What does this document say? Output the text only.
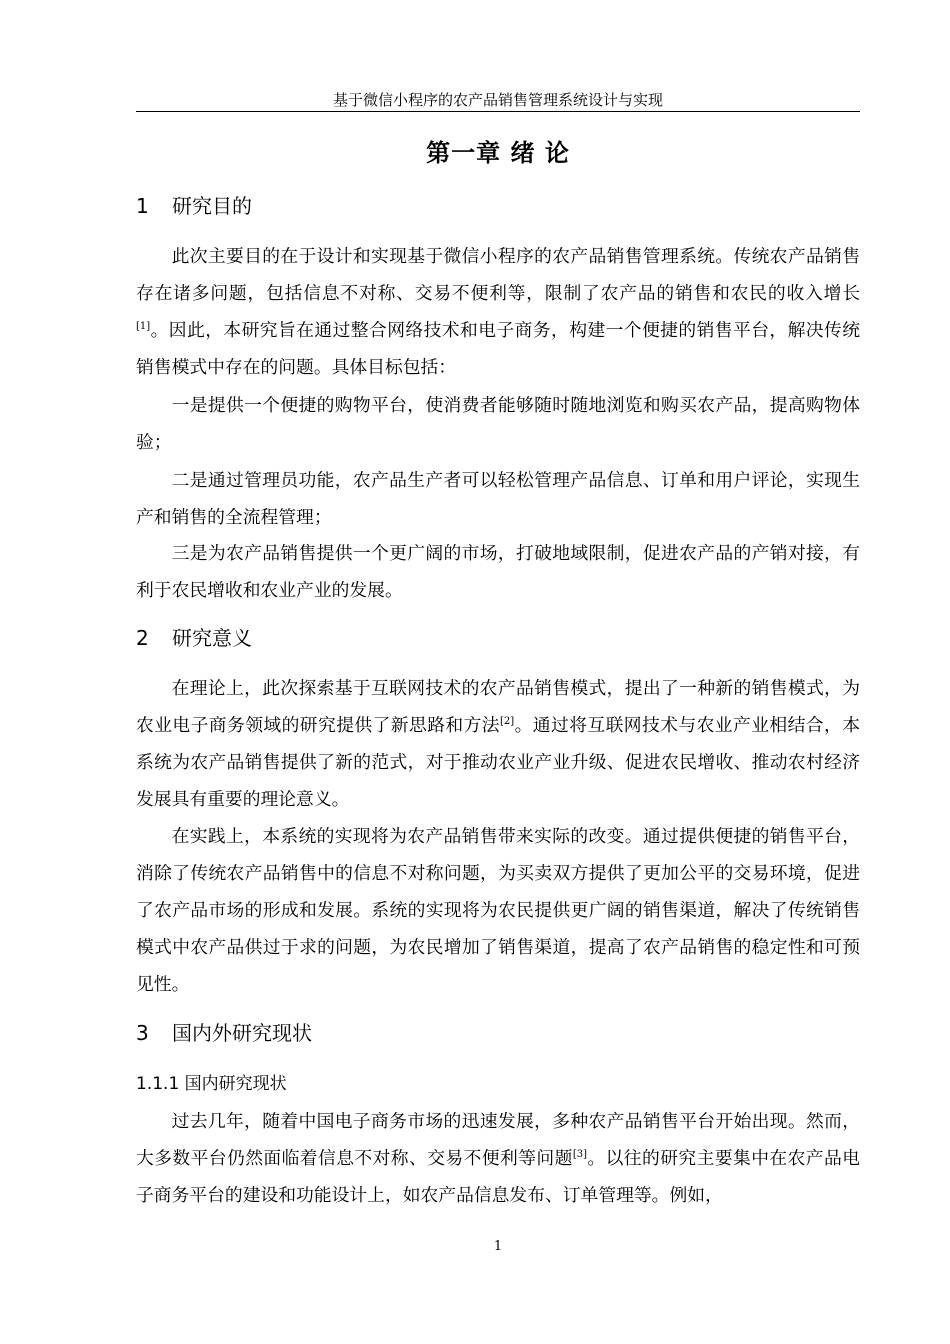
基于微信小程序的农产品销售管理系统设计与实现
第一章 绪 论
1 研究目的

此次主要目的在于设计和实现基于微信小程序的农产品销售管理系统。传统农产品销售存在诸多问题，包括信息不对称、交易不便利等，限制了农产品的销售和农民的收入增长[1]。因此，本研究旨在通过整合网络技术和电子商务，构建一个便捷的销售平台，解决传统销售模式中存在的问题。具体目标包括：

一是提供一个便捷的购物平台，使消费者能够随时随地浏览和购买农产品，提高购物体验；

二是通过管理员功能，农产品生产者可以轻松管理产品信息、订单和用户评论，实现生产和销售的全流程管理；

三是为农产品销售提供一个更广阔的市场，打破地域限制，促进农产品的产销对接，有利于农民增收和农业产业的发展。

2 研究意义

在理论上，此次探索基于互联网技术的农产品销售模式，提出了一种新的销售模式，为农业电子商务领域的研究提供了新思路和方法[2]。通过将互联网技术与农业产业相结合，本系统为农产品销售提供了新的范式，对于推动农业产业升级、促进农民增收、推动农村经济发展具有重要的理论意义。

在实践上，本系统的实现将为农产品销售带来实际的改变。通过提供便捷的销售平台，消除了传统农产品销售中的信息不对称问题，为买卖双方提供了更加公平的交易环境，促进了农产品市场的形成和发展。系统的实现将为农民提供更广阔的销售渠道，解决了传统销售模式中农产品供过于求的问题，为农民增加了销售渠道，提高了农产品销售的稳定性和可预见性。

3 国内外研究现状
1.1.1 国内研究现状

过去几年，随着中国电子商务市场的迅速发展，多种农产品销售平台开始出现。然而，大多数平台仍然面临着信息不对称、交易不便利等问题[3]。以往的研究主要集中在农产品电子商务平台的建设和功能设计上，如农产品信息发布、订单管理等。例如，

1
